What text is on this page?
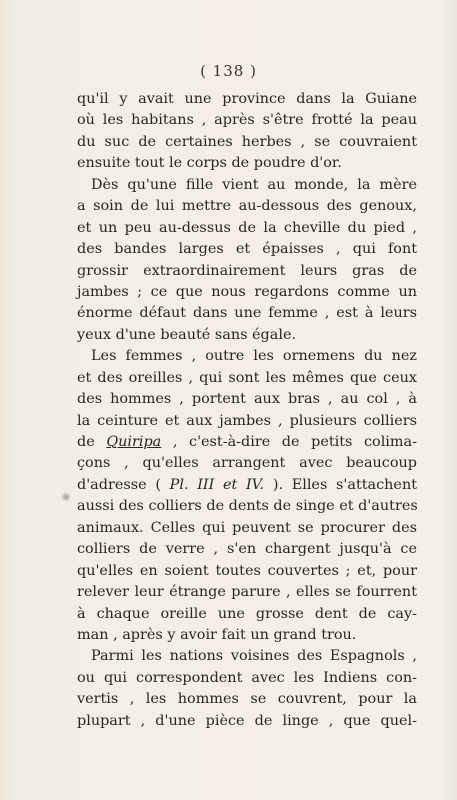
( 138 )
qu'il y avait une province dans la Guiane
où les habitans , après s'être frotté la peau
du suc de certaines herbes , se couvraient
ensuite tout le corps de poudre d'or.
Dès qu'une fille vient au monde, la mère
a soin de lui mettre au-dessous des genoux,
et un peu au-dessus de la cheville du pied ,
des bandes larges et épaisses , qui font
grossir extraordinairement leurs gras de
jambes ; ce que nous regardons comme un
énorme défaut dans une femme , est à leurs
yeux d'une beauté sans égale.
Les femmes , outre les ornemens du nez
et des oreilles , qui sont les mêmes que ceux
des hommes , portent aux bras , au col , à
la ceinture et aux jambes , plusieurs colliers
de Quiripa , c'est-à-dire de petits colima-
çons , qu'elles arrangent avec beaucoup
d'adresse ( Pl. III et IV. ). Elles s'attachent
aussi des colliers de dents de singe et d'autres
animaux. Celles qui peuvent se procurer des
colliers de verre , s'en chargent jusqu'à ce
qu'elles en soient toutes couvertes ; et, pour
relever leur étrange parure , elles se fourrent
à chaque oreille une grosse dent de cay-
man , après y avoir fait un grand trou.
Parmi les nations voisines des Espagnols ,
ou qui correspondent avec les Indiens con-
vertis , les hommes se couvrent, pour la
plupart , d'une pièce de linge , que quel-
